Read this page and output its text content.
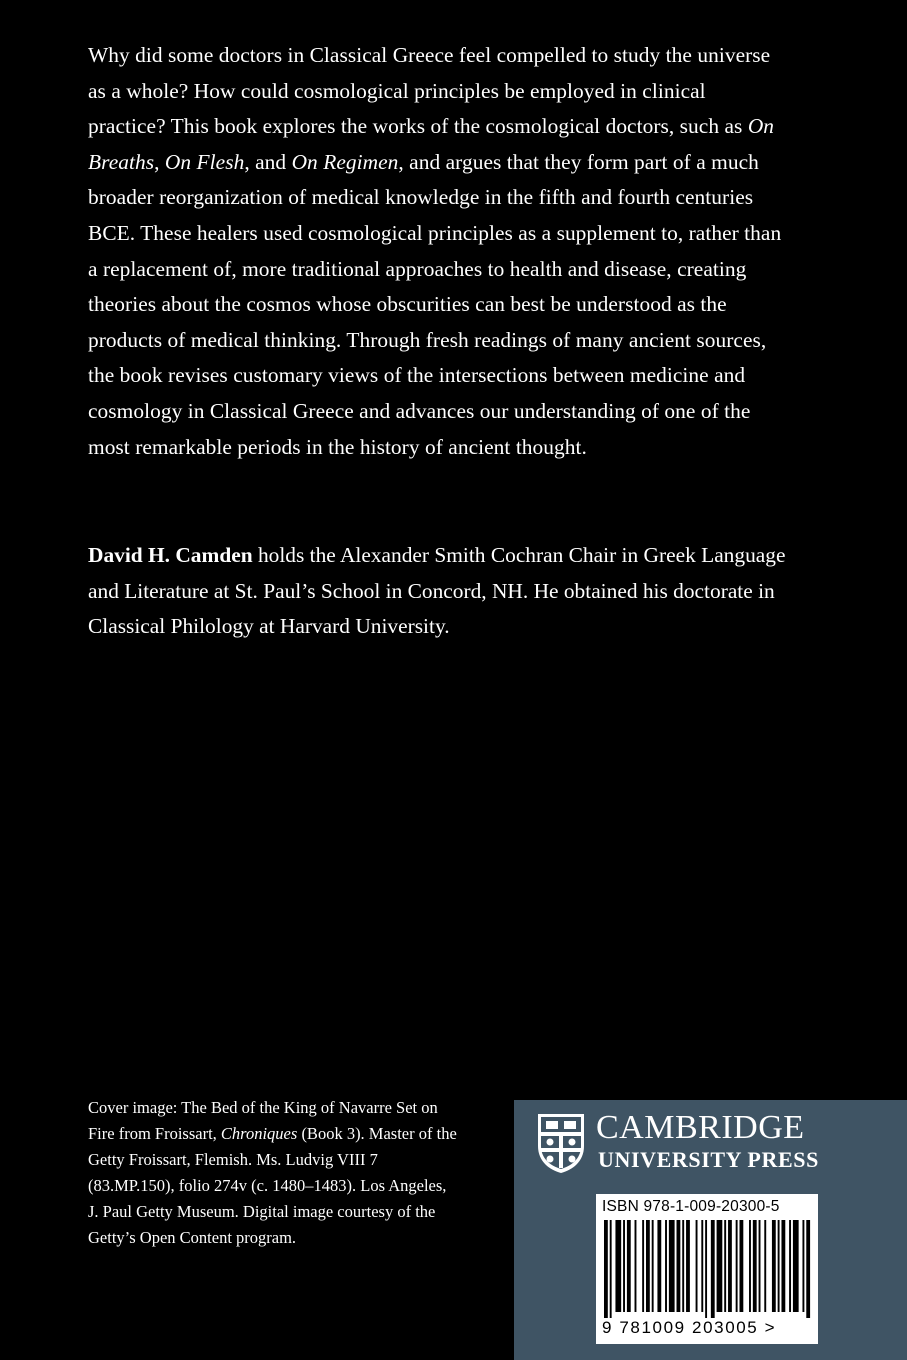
Why did some doctors in Classical Greece feel compelled to study the universe as a whole? How could cosmological principles be employed in clinical practice? This book explores the works of the cosmological doctors, such as On Breaths, On Flesh, and On Regimen, and argues that they form part of a much broader reorganization of medical knowledge in the fifth and fourth centuries BCE. These healers used cosmological principles as a supplement to, rather than a replacement of, more traditional approaches to health and disease, creating theories about the cosmos whose obscurities can best be understood as the products of medical thinking. Through fresh readings of many ancient sources, the book revises customary views of the intersections between medicine and cosmology in Classical Greece and advances our understanding of one of the most remarkable periods in the history of ancient thought.

David H. Camden holds the Alexander Smith Cochran Chair in Greek Language and Literature at St. Paul’s School in Concord, NH. He obtained his doctorate in Classical Philology at Harvard University.

Cover image: The Bed of the King of Navarre Set on Fire from Froissart, Chroniques (Book 3). Master of the Getty Froissart, Flemish. Ms. Ludvig VIII 7 (83.MP.150), folio 274v (c. 1480–1483). Los Angeles, J. Paul Getty Museum. Digital image courtesy of the Getty’s Open Content program.

CAMBRIDGE
UNIVERSITY PRESS
ISBN 978-1-009-20300-5
9 781009 203005 >
